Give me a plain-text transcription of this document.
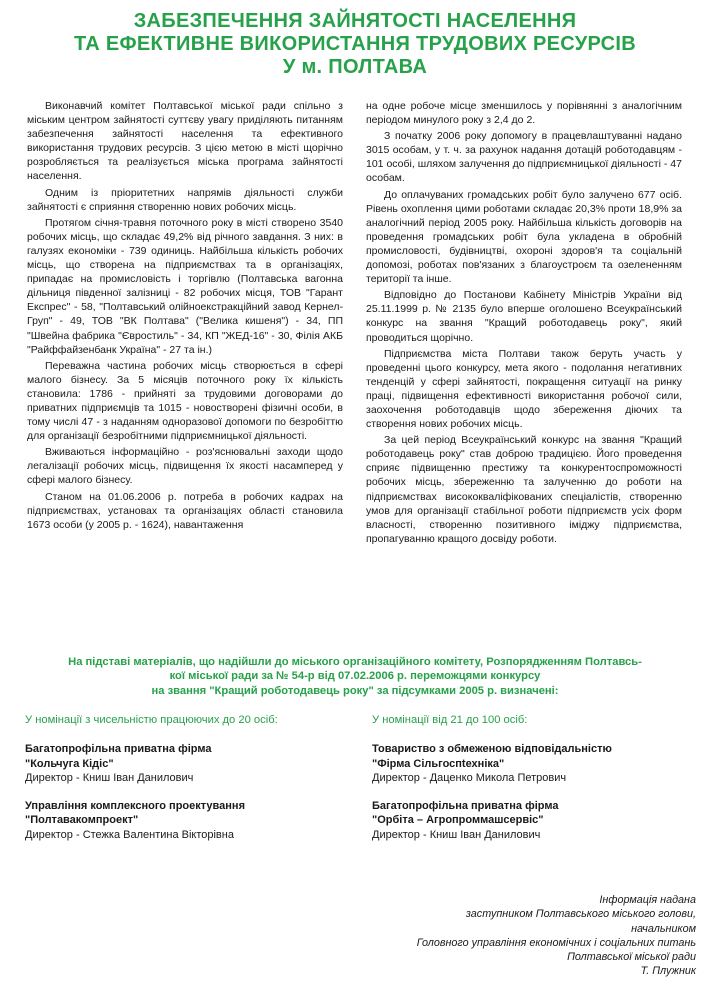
ЗАБЕЗПЕЧЕННЯ ЗАЙНЯТОСТІ НАСЕЛЕННЯ
ТА ЕФЕКТИВНЕ ВИКОРИСТАННЯ ТРУДОВИХ РЕСУРСІВ
У м. ПОЛТАВА

Виконавчий комітет Полтавської міської ради спільно з міським центром зайнятості суттєву увагу приділяють питанням забезпечення зайнятості населення та ефективного використання трудових ресурсів. З цією метою в місті щорічно розробляється та реалізується міська програма зайнятості населення.

Одним із пріоритетних напрямів діяльності служби зайнятості є сприяння створенню нових робочих місць.

Протягом січня-травня поточного року в місті створено 3540 робочих місць, що складає 49,2% від річного завдання. З них: в галузях економіки - 739 одиниць. Найбільша кількість робочих місць, що створена на підприємствах та в організаціях, припадає на промисловість і торгівлю (Полтавська вагонна дільниця південної залізниці - 82 робочих місця, ТОВ "Гарант Експрес" - 58, "Полтавський олійноекстракційний завод Кернел-Груп" - 49, ТОВ "ВК Полтава" ("Велика кишеня") - 34, ПП "Швейна фабрика "Євростиль" - 34, КП "ЖЕД-16" - 30, Філія АКБ "Райффайзенбанк Україна" - 27 та ін.)

Переважна частина робочих місць створюється в сфері малого бізнесу. За 5 місяців поточного року їх кількість становила: 1786 - прийняті за трудовими договорами до приватних підприємців та 1015 - новостворені фізичні особи, в тому числі 47 - з наданням одноразової допомоги по безробіттю для організації безробітними підприємницької діяльності.

Вживаються інформаційно - роз'яснювальні заходи щодо легалізації робочих місць, підвищення їх якості насамперед у сфері малого бізнесу.

Станом на 01.06.2006 р. потреба в робочих кадрах на підприємствах, установах та організаціях області становила 1673 особи (у 2005 р. - 1624), навантаження

на одне робоче місце зменшилось у порівнянні з аналогічним періодом минулого року з 2,4 до 2.

З початку 2006 року допомогу в працевлаштуванні надано 3015 особам, у т. ч. за рахунок надання дотацій роботодавцям - 101 особі, шляхом залучення до підприємницької діяльності - 47 особам.

До оплачуваних громадських робіт було залучено 677 осіб. Рівень охоплення цими роботами складає 20,3% проти 18,9% за аналогічний період 2005 року. Найбільша кількість договорів на проведення громадських робіт була укладена в обробній промисловості, будівництві, охороні здоров'я та соціальній допомозі, роботах пов'язаних з благоустроєм та озелененням території та інше.

Відповідно до Постанови Кабінету Міністрів України від 25.11.1999 р. № 2135 було вперше оголошено Всеукраїнський конкурс на звання "Кращий роботодавець року", який проводиться щорічно.

Підприємства міста Полтави також беруть участь у проведенні цього конкурсу, мета якого - подолання негативних тенденцій у сфері зайнятості, покращення ситуації на ринку праці, підвищення ефективності використання робочої сили, заохочення роботодавців щодо збереження діючих та створення нових робочих місць.

За цей період Всеукраїнський конкурс на звання "Кращий роботодавець року" став доброю традицією. Його проведення сприяє підвищенню престижу та конкурентоспроможності робочих місць, збереженню та залученню до роботи на підприємствах висококваліфікованих спеціалістів, створенню умов для організації стабільної роботи підприємств усіх форм власності, створенню позитивного іміджу підприємства, пропагуванню кращого досвіду роботи.

На підставі матеріалів, що надійшли до міського організаційного комітету, Розпорядженням Полтавсь-
кої міської ради за № 54-р від 07.02.2006 р. переможцями конкурсу
на звання "Кращий роботодавець року" за підсумками 2005 р. визначені:
У номінації з чисельністю працюючих до 20 осіб:
Багатопрофільна приватна фірма
"Кольчуга Кідіс"
Директор - Книш Іван Данилович
Управління комплексного проектування
"Полтавакомпроект"
Директор - Стежка Валентина Вікторівна
У номінації від 21 до 100 осіб:
Товариство з обмеженою відповідальністю
"Фірма Сільгоспtехніка"
Директор - Даценко Микола Петрович
Багатопрофільна приватна фірма
"Орбіта – Агропроммашсервіс"
Директор - Книш Іван Данилович
Інформація надана
заступником Полтавського міського голови,
начальником
Головного управління економічних і соціальних питань
Полтавської міської ради
Т. Плужник
